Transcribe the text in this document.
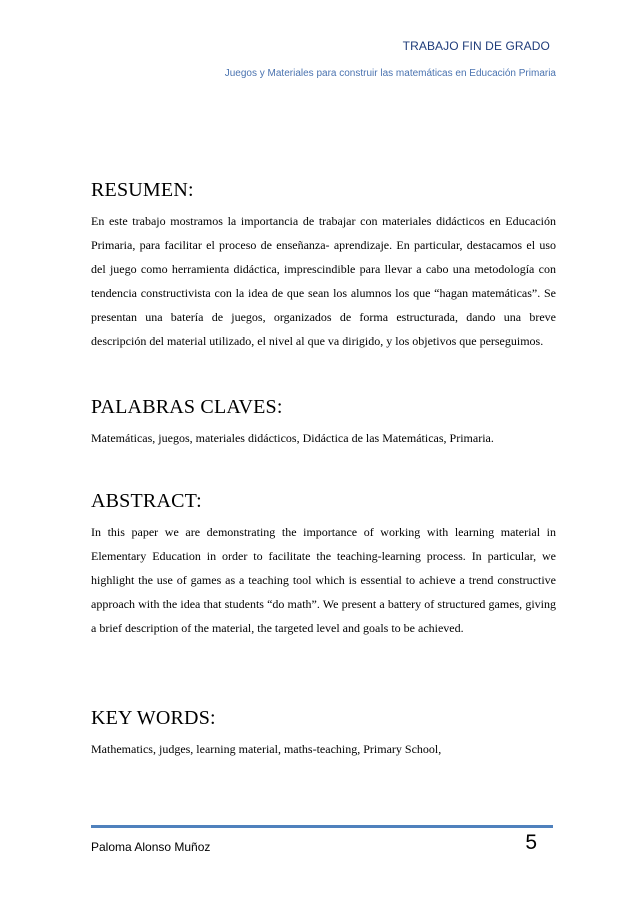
TRABAJO FIN DE GRADO
Juegos y Materiales para construir las matemáticas en Educación Primaria
RESUMEN:

En este trabajo mostramos la importancia de trabajar con materiales didácticos en Educación Primaria, para facilitar el proceso de enseñanza- aprendizaje. En particular, destacamos el uso del juego como herramienta didáctica, imprescindible para llevar a cabo una metodología con tendencia constructivista con la idea de que sean los alumnos los que “hagan matemáticas”. Se presentan una batería de juegos, organizados de forma estructurada, dando una breve descripción del material utilizado, el nivel al que va dirigido, y los objetivos que perseguimos.

PALABRAS CLAVES:

Matemáticas, juegos, materiales didácticos, Didáctica de las Matemáticas, Primaria.

ABSTRACT:

In this paper we are demonstrating the importance of working with learning material in Elementary Education in order to facilitate the teaching-learning process. In particular, we highlight the use of games as a teaching tool which is essential to achieve a trend constructive approach with the idea that students “do math”. We present a battery of structured games, giving a brief description of the material, the targeted level and goals to be achieved.

KEY WORDS:

Mathematics, judges, learning material, maths-teaching, Primary School,

Paloma Alonso Muñoz	5
